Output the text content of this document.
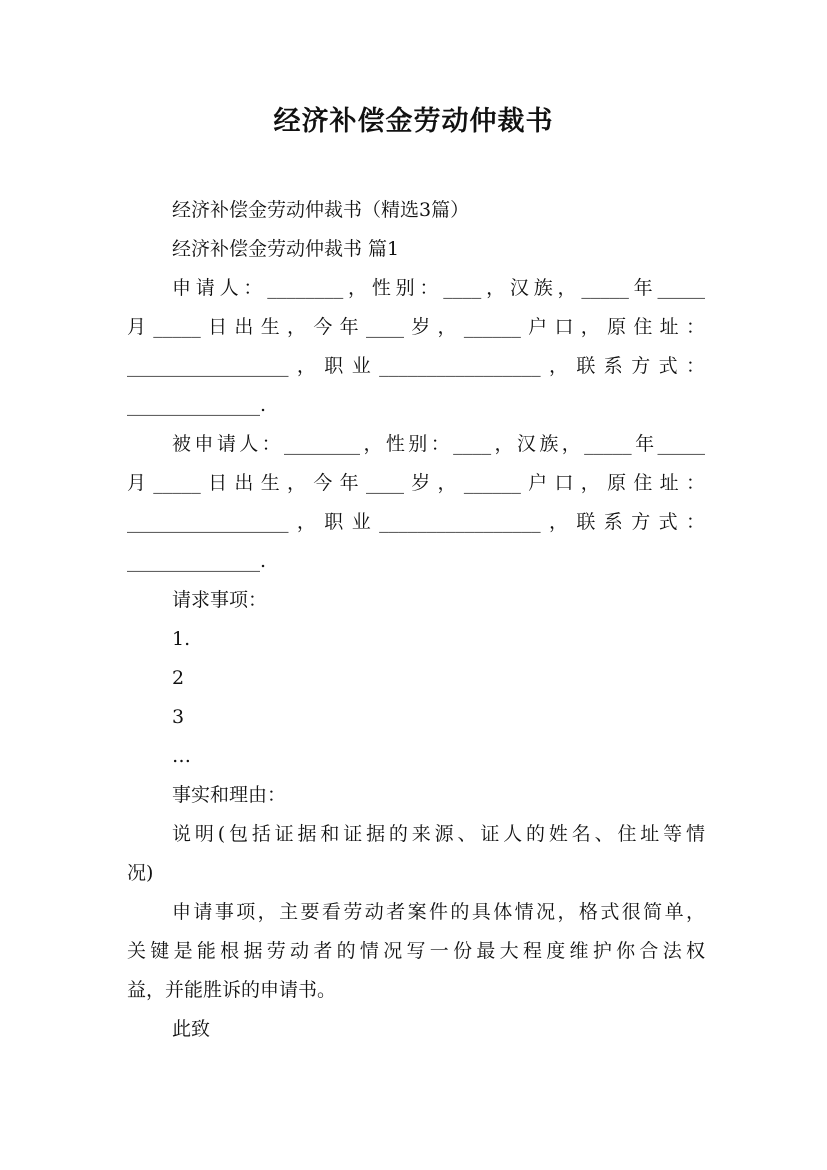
经济补偿金劳动仲裁书
经济补偿金劳动仲裁书（精选3篇）
经济补偿金劳动仲裁书 篇1
申请人：________，性别：____，汉族，_____年_____
月_____日出生，今年____岁，______户口，原住址：
_________________，职业_________________，联系方式：
______________.
被申请人：________，性别：____，汉族，_____年_____
月_____日出生，今年____岁，______户口，原住址：
_________________，职业_________________，联系方式：
______________.
请求事项：
1.
2
3
…
事实和理由：
说明(包括证据和证据的来源、证人的姓名、住址等情
况)
申请事项，主要看劳动者案件的具体情况，格式很简单，
关键是能根据劳动者的情况写一份最大程度维护你合法权
益，并能胜诉的申请书。
此致
